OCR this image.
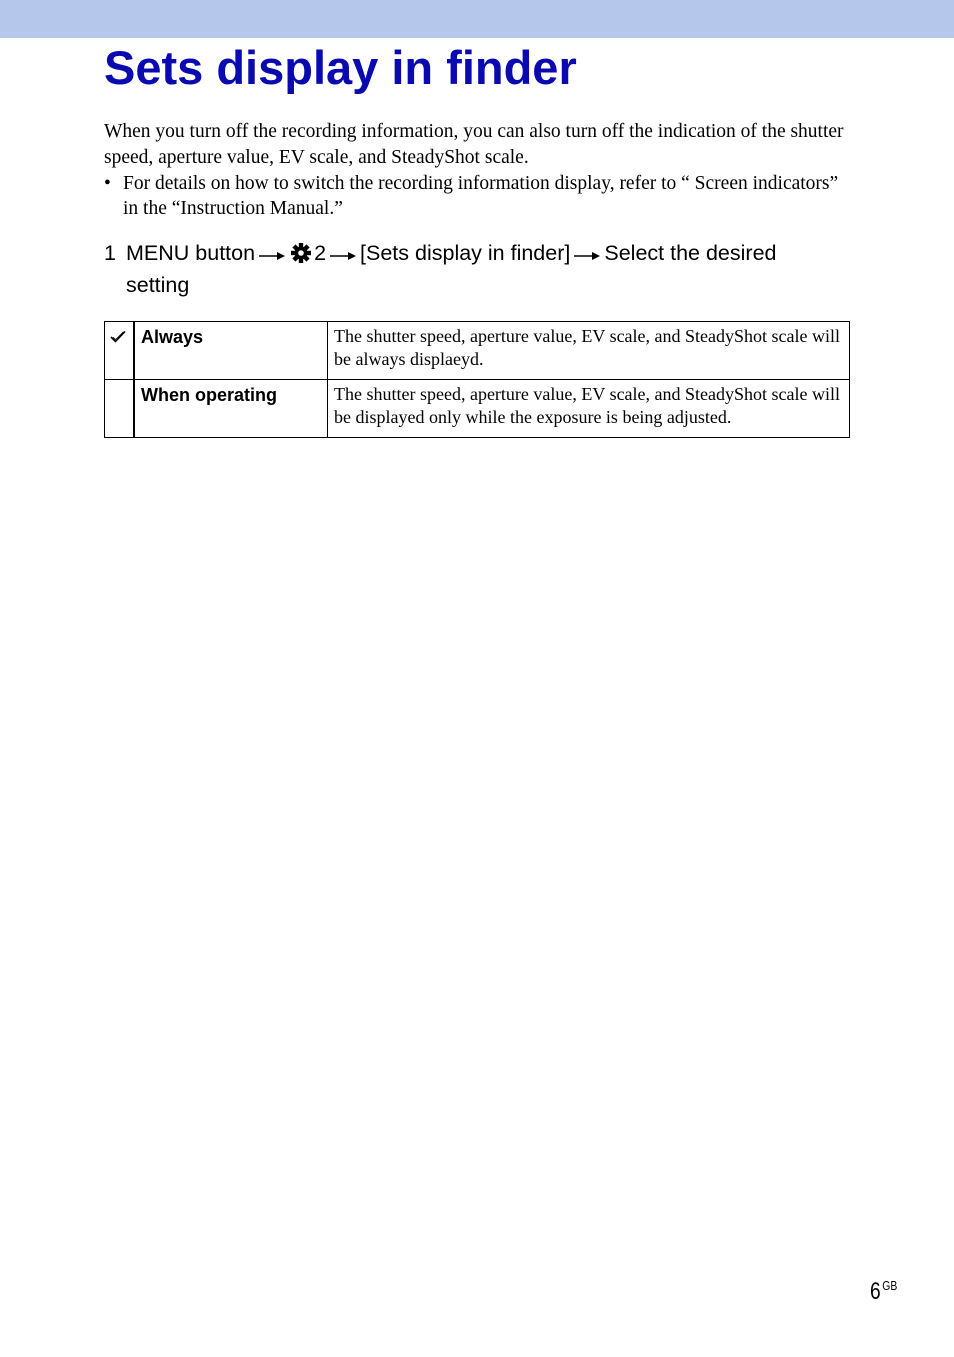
Sets display in finder

When you turn off the recording information, you can also turn off the indication of the shutter speed, aperture value, EV scale, and SteadyShot scale.

• For details on how to switch the recording information display, refer to “ Screen indicators” in the “Instruction Manual.”
1 MENU button	2 [Sets display in finder] Select the desired setting
	Always	The shutter speed, aperture value, EV scale, and SteadyShot scale will be always displaeyd.
	When operating	The shutter speed, aperture value, EV scale, and SteadyShot scale will be displayed only while the exposure is being adjusted.
6 $^{GB}$
